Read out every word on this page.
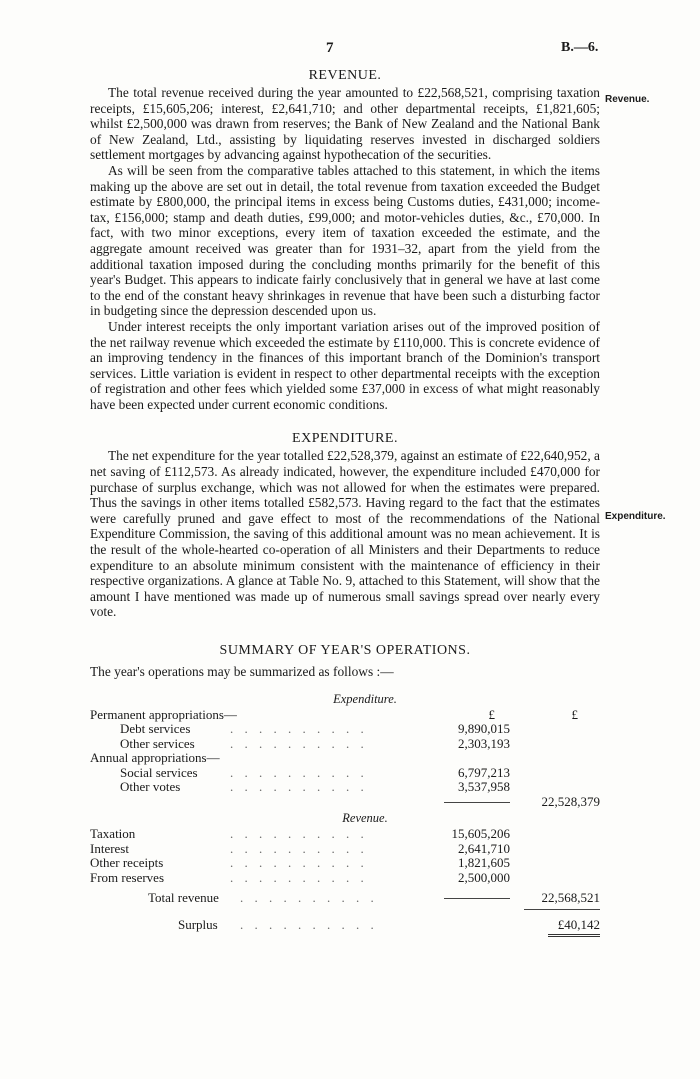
7	B.—6.
Revenue.
Expenditure.
REVENUE.

The total revenue received during the year amounted to £22,568,521, comprising taxation receipts, £15,605,206; interest, £2,641,710; and other departmental receipts, £1,821,605; whilst £2,500,000 was drawn from reserves; the Bank of New Zealand and the National Bank of New Zealand, Ltd., assisting by liquidating reserves invested in discharged soldiers settlement mortgages by advancing against hypothecation of the securities.

As will be seen from the comparative tables attached to this statement, in which the items making up the above are set out in detail, the total revenue from taxation exceeded the Budget estimate by £800,000, the principal items in excess being Customs duties, £431,000; income-tax, £156,000; stamp and death duties, £99,000; and motor-vehicles duties, &c., £70,000. In fact, with two minor exceptions, every item of taxation exceeded the estimate, and the aggregate amount received was greater than for 1931–32, apart from the yield from the additional taxation imposed during the concluding months primarily for the benefit of this year's Budget. This appears to indicate fairly conclusively that in general we have at last come to the end of the constant heavy shrinkages in revenue that have been such a disturbing factor in budgeting since the depression descended upon us.

Under interest receipts the only important variation arises out of the improved position of the net railway revenue which exceeded the estimate by £110,000. This is concrete evidence of an improving tendency in the finances of this important branch of the Dominion's transport services. Little variation is evident in respect to other departmental receipts with the exception of registration and other fees which yielded some £37,000 in excess of what might reasonably have been expected under current economic conditions.

EXPENDITURE.

The net expenditure for the year totalled £22,528,379, against an estimate of £22,640,952, a net saving of £112,573. As already indicated, however, the expenditure included £470,000 for purchase of surplus exchange, which was not allowed for when the estimates were prepared. Thus the savings in other items totalled £582,573. Having regard to the fact that the estimates were carefully pruned and gave effect to most of the recommendations of the National Expenditure Commission, the saving of this additional amount was no mean achievement. It is the result of the whole-hearted co-operation of all Ministers and their Departments to reduce expenditure to an absolute minimum consistent with the maintenance of efficiency in their respective organizations. A glance at Table No. 9, attached to this Statement, will show that the amount I have mentioned was made up of numerous small savings spread over nearly every vote.

SUMMARY OF YEAR'S OPERATIONS.

The year's operations may be summarized as follows :—

Expenditure.
Permanent appropriations—	£	£
Debt services	. . . . . . . . . .	9,890,015
Other services	. . . . . . . . . .	2,303,193
Annual appropriations—
Social services . . . . . . . . . .	6,797,213
Other votes	. . . . . . . . . .	3,537,958
22,528,379
Revenue.
Taxation	. . . . . . . . . .	15,605,206
Interest	. . . . . . . . . .	2,641,710
Other receipts	. . . . . . . . . .	1,821,605
From reserves	. . . . . . . . . .	2,500,000
Total revenue . . . . . . . . . .	22,568,521
Surplus . . . . . . . . . .	£40,142
